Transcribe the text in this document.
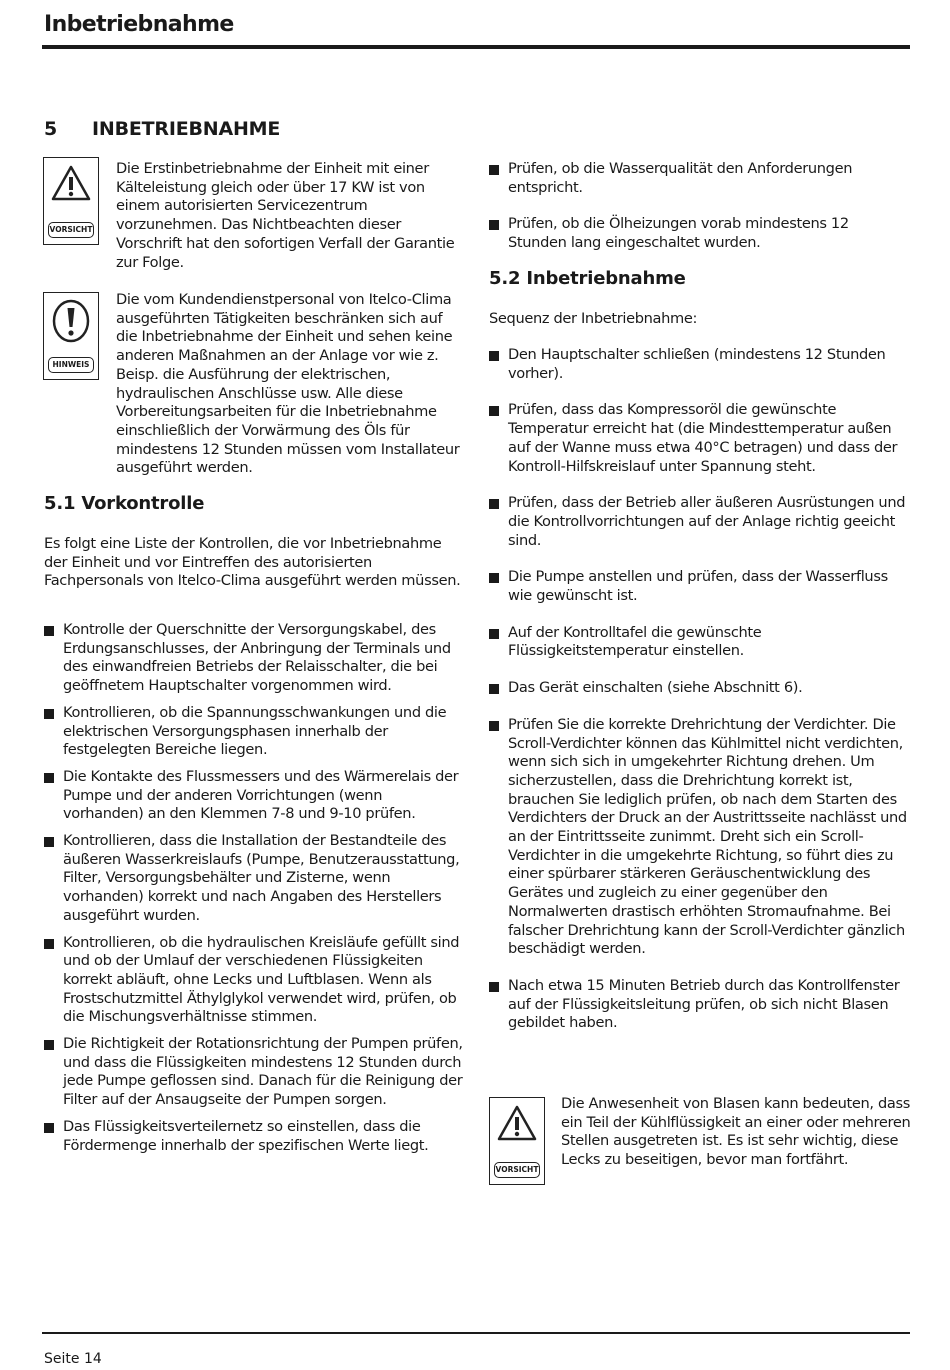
Inbetriebnahme
5 INBETRIEBNAHME
VORSICHT

Die Erstinbetriebnahme der Einheit mit einer Kälteleistung gleich oder über 17 KW ist von einem autorisierten Servicezentrum vorzunehmen. Das Nichtbeachten dieser Vorschrift hat den sofortigen Verfall der Garantie zur Folge.

HINWEIS

Die vom Kundendienstpersonal von Itelco-Clima ausgeführten Tätigkeiten beschränken sich auf die Inbetriebnahme der Einheit und sehen keine anderen Maßnahmen an der Anlage vor wie z. Beisp. die Ausführung der elektrischen, hydraulischen Anschlüsse usw. Alle diese Vorbereitungsarbeiten für die Inbetriebnahme einschließlich der Vorwärmung des Öls für mindestens 12 Stunden müssen vom Installateur ausgeführt werden.

5.1 Vorkontrolle

Es folgt eine Liste der Kontrollen, die vor Inbetriebnahme der Einheit und vor Eintreffen des autorisierten Fachpersonals von Itelco-Clima ausgeführt werden müssen.

Kontrolle der Querschnitte der Versorgungskabel, des Erdungsanschlusses, der Anbringung der Terminals und des einwandfreien Betriebs der Relaisschalter, die bei geöffnetem Hauptschalter vorgenommen wird.
Kontrollieren, ob die Spannungsschwankungen und die elektrischen Versorgungsphasen innerhalb der festgelegten Bereiche liegen.
Die Kontakte des Flussmessers und des Wärmerelais der Pumpe und der anderen Vorrichtungen (wenn vorhanden) an den Klemmen 7-8 und 9-10 prüfen.
Kontrollieren, dass die Installation der Bestandteile des äußeren Wasserkreislaufs (Pumpe, Benutzerausstattung, Filter, Versorgungsbehälter und Zisterne, wenn vorhanden) korrekt und nach Angaben des Herstellers ausgeführt wurden.
Kontrollieren, ob die hydraulischen Kreisläufe gefüllt sind und ob der Umlauf der verschiedenen Flüssigkeiten korrekt abläuft, ohne Lecks und Luftblasen. Wenn als Frostschutzmittel Äthylglykol verwendet wird, prüfen, ob die Mischungsverhältnisse stimmen.
Die Richtigkeit der Rotationsrichtung der Pumpen prüfen, und dass die Flüssigkeiten mindestens 12 Stunden durch jede Pumpe geflossen sind. Danach für die Reinigung der Filter auf der Ansaugseite der Pumpen sorgen.
Das Flüssigkeitsverteilernetz so einstellen, dass die Fördermenge innerhalb der spezifischen Werte liegt.
Prüfen, ob die Wasserqualität den Anforderungen entspricht.
Prüfen, ob die Ölheizungen vorab mindestens 12 Stunden lang eingeschaltet wurden.
5.2 Inbetriebnahme

Sequenz der Inbetriebnahme:

Den Hauptschalter schließen (mindestens 12 Stunden vorher).
Prüfen, dass das Kompressoröl die gewünschte Temperatur erreicht hat (die Mindesttemperatur außen auf der Wanne muss etwa 40°C betragen) und dass der Kontroll-Hilfskreislauf unter Spannung steht.
Prüfen, dass der Betrieb aller äußeren Ausrüstungen und die Kontrollvorrichtungen auf der Anlage richtig geeicht sind.
Die Pumpe anstellen und prüfen, dass der Wasserfluss wie gewünscht ist.
Auf der Kontrolltafel die gewünschte Flüssigkeitstemperatur einstellen.
Das Gerät einschalten (siehe Abschnitt 6).
Prüfen Sie die korrekte Drehrichtung der Verdichter. Die Scroll-Verdichter können das Kühlmittel nicht verdichten, wenn sich sich in umgekehrter Richtung drehen. Um sicherzustellen, dass die Drehrichtung korrekt ist, brauchen Sie lediglich prüfen, ob nach dem Starten des Verdichters der Druck an der Austrittsseite nachlässt und an der Eintrittsseite zunimmt. Dreht sich ein Scroll-Verdichter in die umgekehrte Richtung, so führt dies zu einer spürbarer stärkeren Geräuschentwicklung des Gerätes und zugleich zu einer gegenüber den Normalwerten drastisch erhöhten Stromaufnahme. Bei falscher Drehrichtung kann der Scroll-Verdichter gänzlich beschädigt werden.
Nach etwa 15 Minuten Betrieb durch das Kontrollfenster auf der Flüssigkeitsleitung prüfen, ob sich nicht Blasen gebildet haben.
VORSICHT

Die Anwesenheit von Blasen kann bedeuten, dass ein Teil der Kühlflüssigkeit an einer oder mehreren Stellen ausgetreten ist. Es ist sehr wichtig, diese Lecks zu beseitigen, bevor man fortfährt.

Seite 14
